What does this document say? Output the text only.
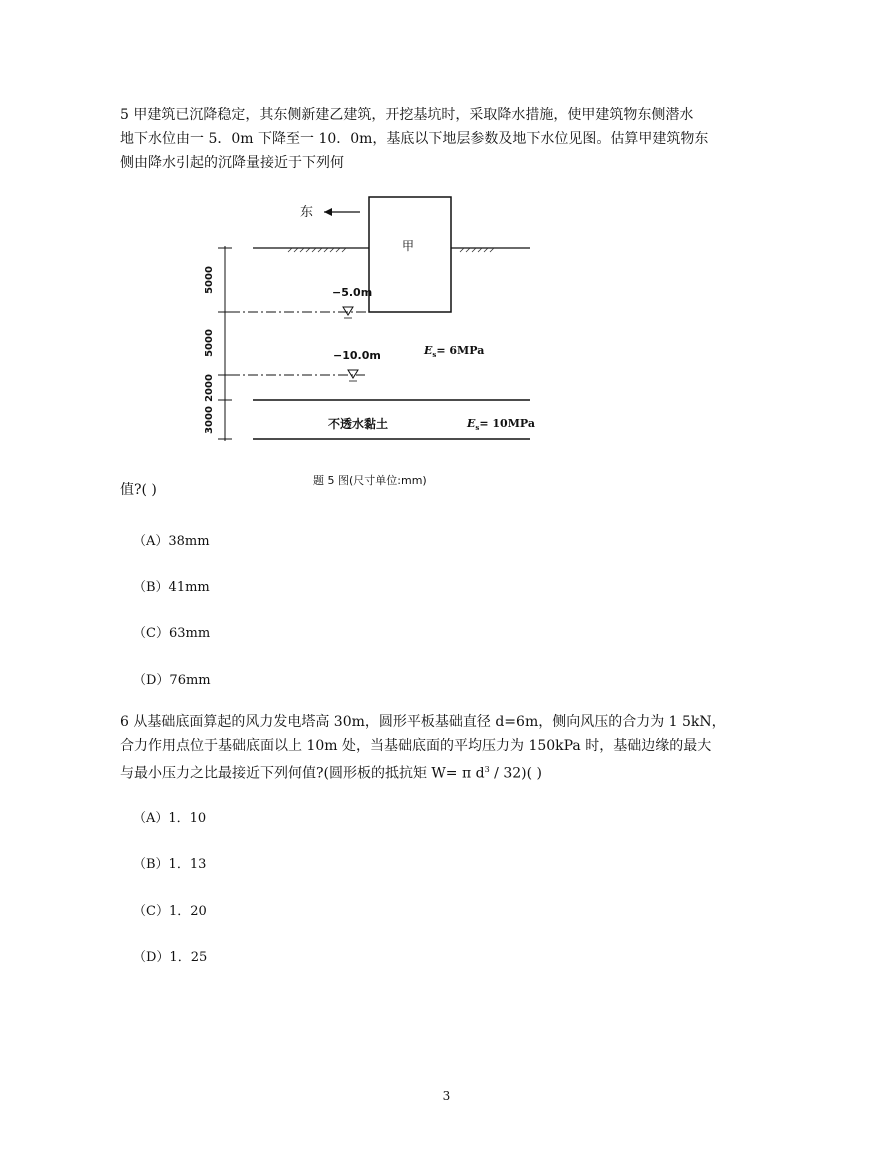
5 甲建筑已沉降稳定，其东侧新建乙建筑，开挖基坑时，采取降水措施，使甲建筑物东侧潜水
地下水位由一 5．0m 下降至一 10．0m，基底以下地层参数及地下水位见图。估算甲建筑物东
侧由降水引起的沉降量接近于下列何
东
甲
−5.0m
−10.0m	$E_s= 6MPa$
不透水黏土	$E_s= 10MPa$
5000
5000
2000
3000
题 5 图(尺寸单位:mm)
值?( )
（A）38mm
（B）41mm
（C）63mm
（D）76mm
6 从基础底面算起的风力发电塔高 30m，圆形平板基础直径 d=6m，侧向风压的合力为 1 5kN，
合力作用点位于基础底面以上 10m 处，当基础底面的平均压力为 150kPa 时，基础边缘的最大
与最小压力之比最接近下列何值?(圆形板的抵抗矩 W= π $d^3 / 32$)( )
（A）1．10
（B）1．13
（C）1．20
（D）1．25
3
